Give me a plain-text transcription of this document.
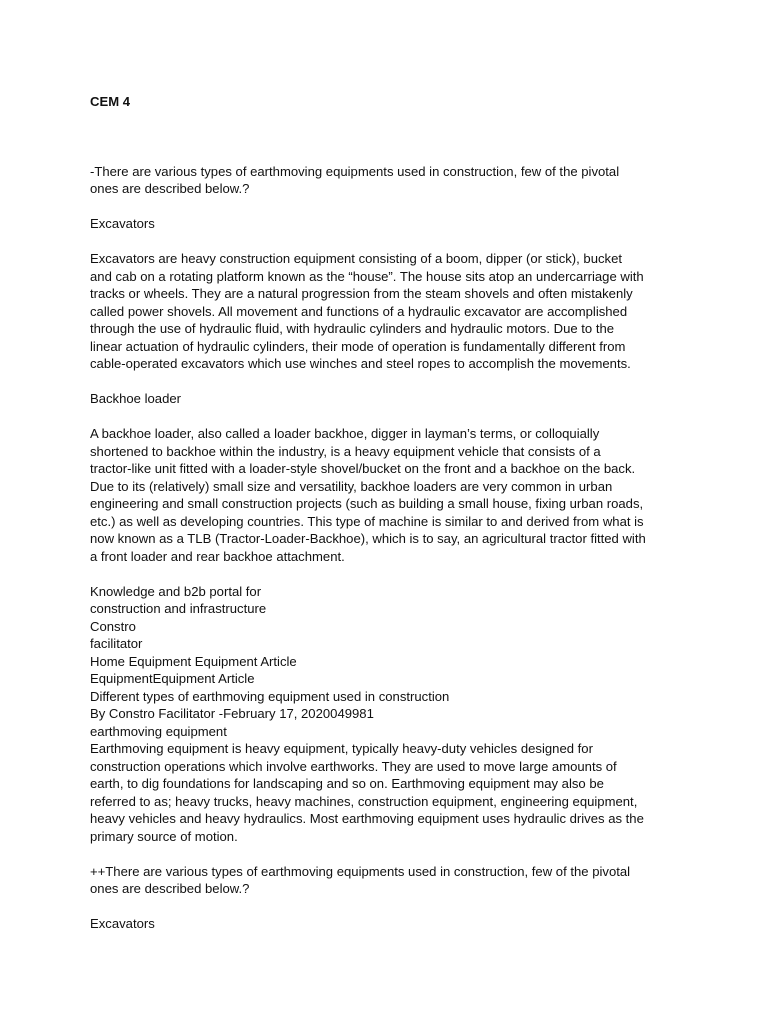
CEM 4
-There are various types of earthmoving equipments used in construction, few of the pivotal
ones are described below.?
Excavators
Excavators are heavy construction equipment consisting of a boom, dipper (or stick), bucket
and cab on a rotating platform known as the “house”. The house sits atop an undercarriage with
tracks or wheels. They are a natural progression from the steam shovels and often mistakenly
called power shovels. All movement and functions of a hydraulic excavator are accomplished
through the use of hydraulic fluid, with hydraulic cylinders and hydraulic motors. Due to the
linear actuation of hydraulic cylinders, their mode of operation is fundamentally different from
cable-operated excavators which use winches and steel ropes to accomplish the movements.
Backhoe loader
A backhoe loader, also called a loader backhoe, digger in layman’s terms, or colloquially
shortened to backhoe within the industry, is a heavy equipment vehicle that consists of a
tractor-like unit fitted with a loader-style shovel/bucket on the front and a backhoe on the back.
Due to its (relatively) small size and versatility, backhoe loaders are very common in urban
engineering and small construction projects (such as building a small house, fixing urban roads,
etc.) as well as developing countries. This type of machine is similar to and derived from what is
now known as a TLB (Tractor-Loader-Backhoe), which is to say, an agricultural tractor fitted with
a front loader and rear backhoe attachment.
Knowledge and b2b portal for
construction and infrastructure
Constro
facilitator
Home Equipment Equipment Article
EquipmentEquipment Article
Different types of earthmoving equipment used in construction
By Constro Facilitator -February 17, 2020049981
earthmoving equipment
Earthmoving equipment is heavy equipment, typically heavy-duty vehicles designed for
construction operations which involve earthworks. They are used to move large amounts of
earth, to dig foundations for landscaping and so on. Earthmoving equipment may also be
referred to as; heavy trucks, heavy machines, construction equipment, engineering equipment,
heavy vehicles and heavy hydraulics. Most earthmoving equipment uses hydraulic drives as the
primary source of motion.
++There are various types of earthmoving equipments used in construction, few of the pivotal
ones are described below.?
Excavators
